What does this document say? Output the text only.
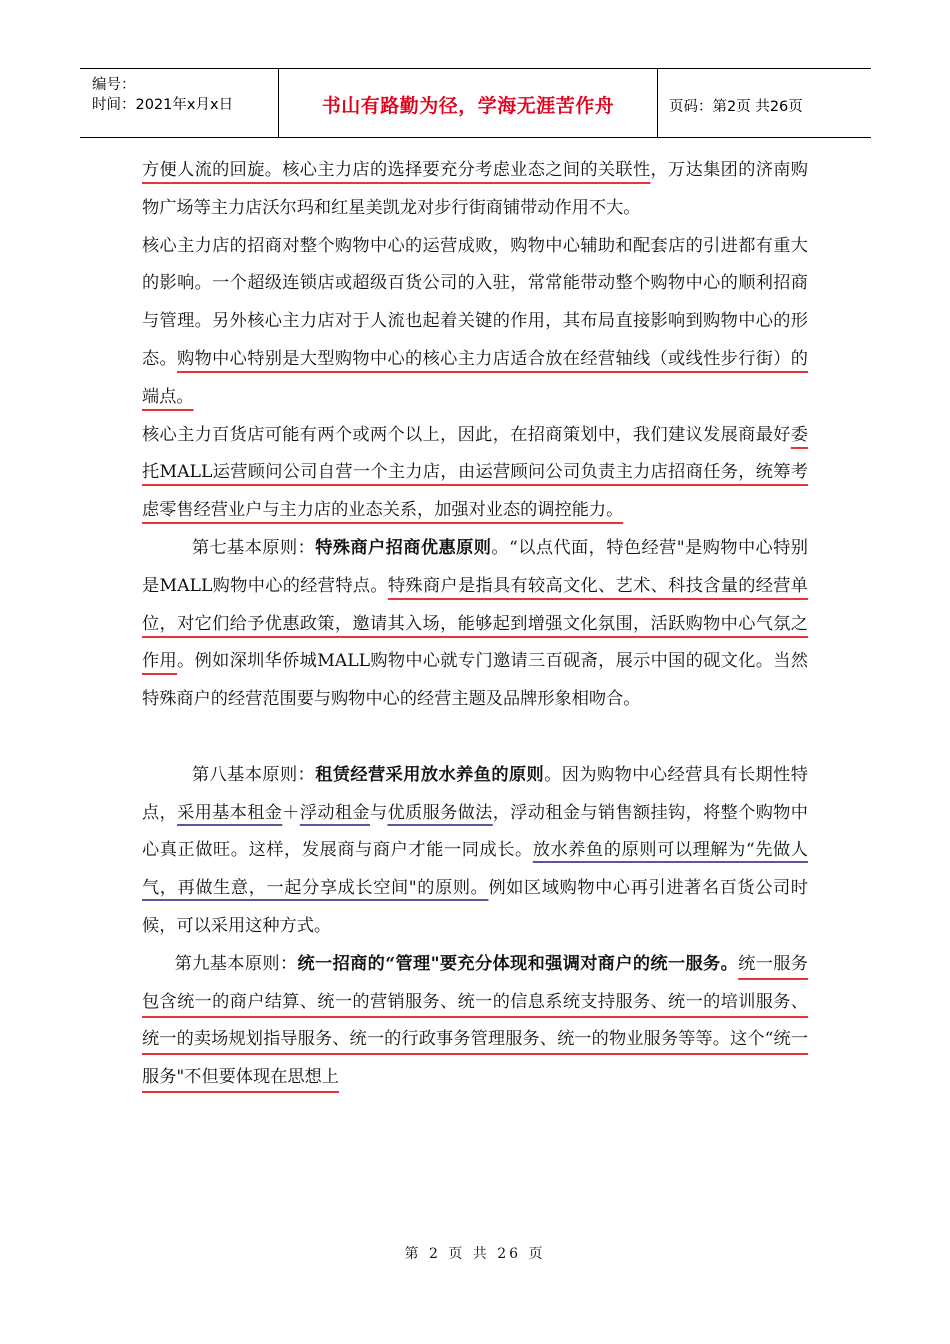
编号：
时间：2021年x月x日	书山有路勤为径，学海无涯苦作舟	页码：第2页 共26页

方便人流的回旋。核心主力店的选择要充分考虑业态之间的关联性，万达集团的济南购物广场等主力店沃尔玛和红星美凯龙对步行街商铺带动作用不大。

核心主力店的招商对整个购物中心的运营成败，购物中心辅助和配套店的引进都有重大的影响。一个超级连锁店或超级百货公司的入驻，常常能带动整个购物中心的顺利招商与管理。另外核心主力店对于人流也起着关键的作用，其布局直接影响到购物中心的形态。购物中心特别是大型购物中心的核心主力店适合放在经营轴线（或线性步行街）的端点。

核心主力百货店可能有两个或两个以上，因此，在招商策划中，我们建议发展商最好委托MALL运营顾问公司自营一个主力店，由运营顾问公司负责主力店招商任务，统筹考虑零售经营业户与主力店的业态关系，加强对业态的调控能力。

第七基本原则：特殊商户招商优惠原则。“以点代面，特色经营"是购物中心特别是MALL购物中心的经营特点。特殊商户是指具有较高文化、艺术、科技含量的经营单位，对它们给予优惠政策，邀请其入场，能够起到增强文化氛围，活跃购物中心气氛之作用。例如深圳华侨城MALL购物中心就专门邀请三百砚斋，展示中国的砚文化。当然特殊商户的经营范围要与购物中心的经营主题及品牌形象相吻合。

第八基本原则：租赁经营采用放水养鱼的原则。因为购物中心经营具有长期性特点，采用基本租金＋浮动租金与优质服务做法，浮动租金与销售额挂钩，将整个购物中心真正做旺。这样，发展商与商户才能一同成长。放水养鱼的原则可以理解为“先做人气，再做生意，一起分享成长空间"的原则。例如区域购物中心再引进著名百货公司时候，可以采用这种方式。

第九基本原则：统一招商的“管理"要充分体现和强调对商户的统一服务。统一服务包含统一的商户结算、统一的营销服务、统一的信息系统支持服务、统一的培训服务、统一的卖场规划指导服务、统一的行政事务管理服务、统一的物业服务等等。这个“统一服务"不但要体现在思想上

第 2 页 共 26 页
